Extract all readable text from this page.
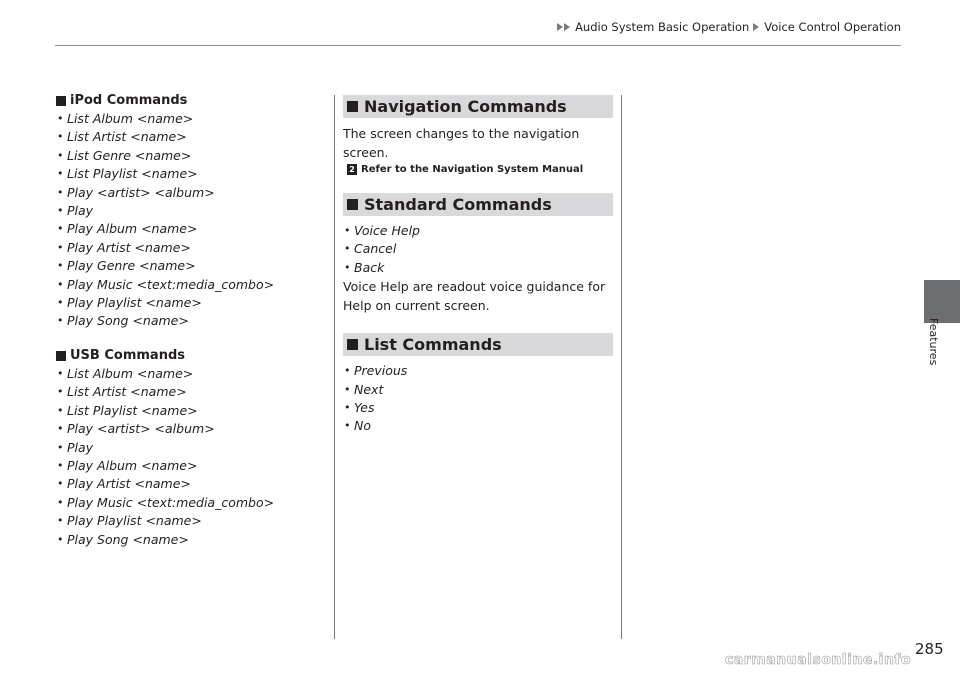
Audio System Basic Operation Voice Control Operation
Features
iPod Commands
• List Album <name>
• List Artist <name>
• List Genre <name>
• List Playlist <name>
• Play <artist> <album>
• Play
• Play Album <name>
• Play Artist <name>
• Play Genre <name>
• Play Music <text:media_combo>
• Play Playlist <name>
• Play Song <name>
USB Commands
• List Album <name>
• List Artist <name>
• List Playlist <name>
• Play <artist> <album>
• Play
• Play Album <name>
• Play Artist <name>
• Play Music <text:media_combo>
• Play Playlist <name>
• Play Song <name>
Navigation Commands
The screen changes to the navigation screen.
2 Refer to the Navigation System Manual
Standard Commands
• Voice Help
• Cancel
• Back
Voice Help are readout voice guidance for Help on current screen.
List Commands
• Previous
• Next
• Yes
• No
285
carmanualsonline.info
